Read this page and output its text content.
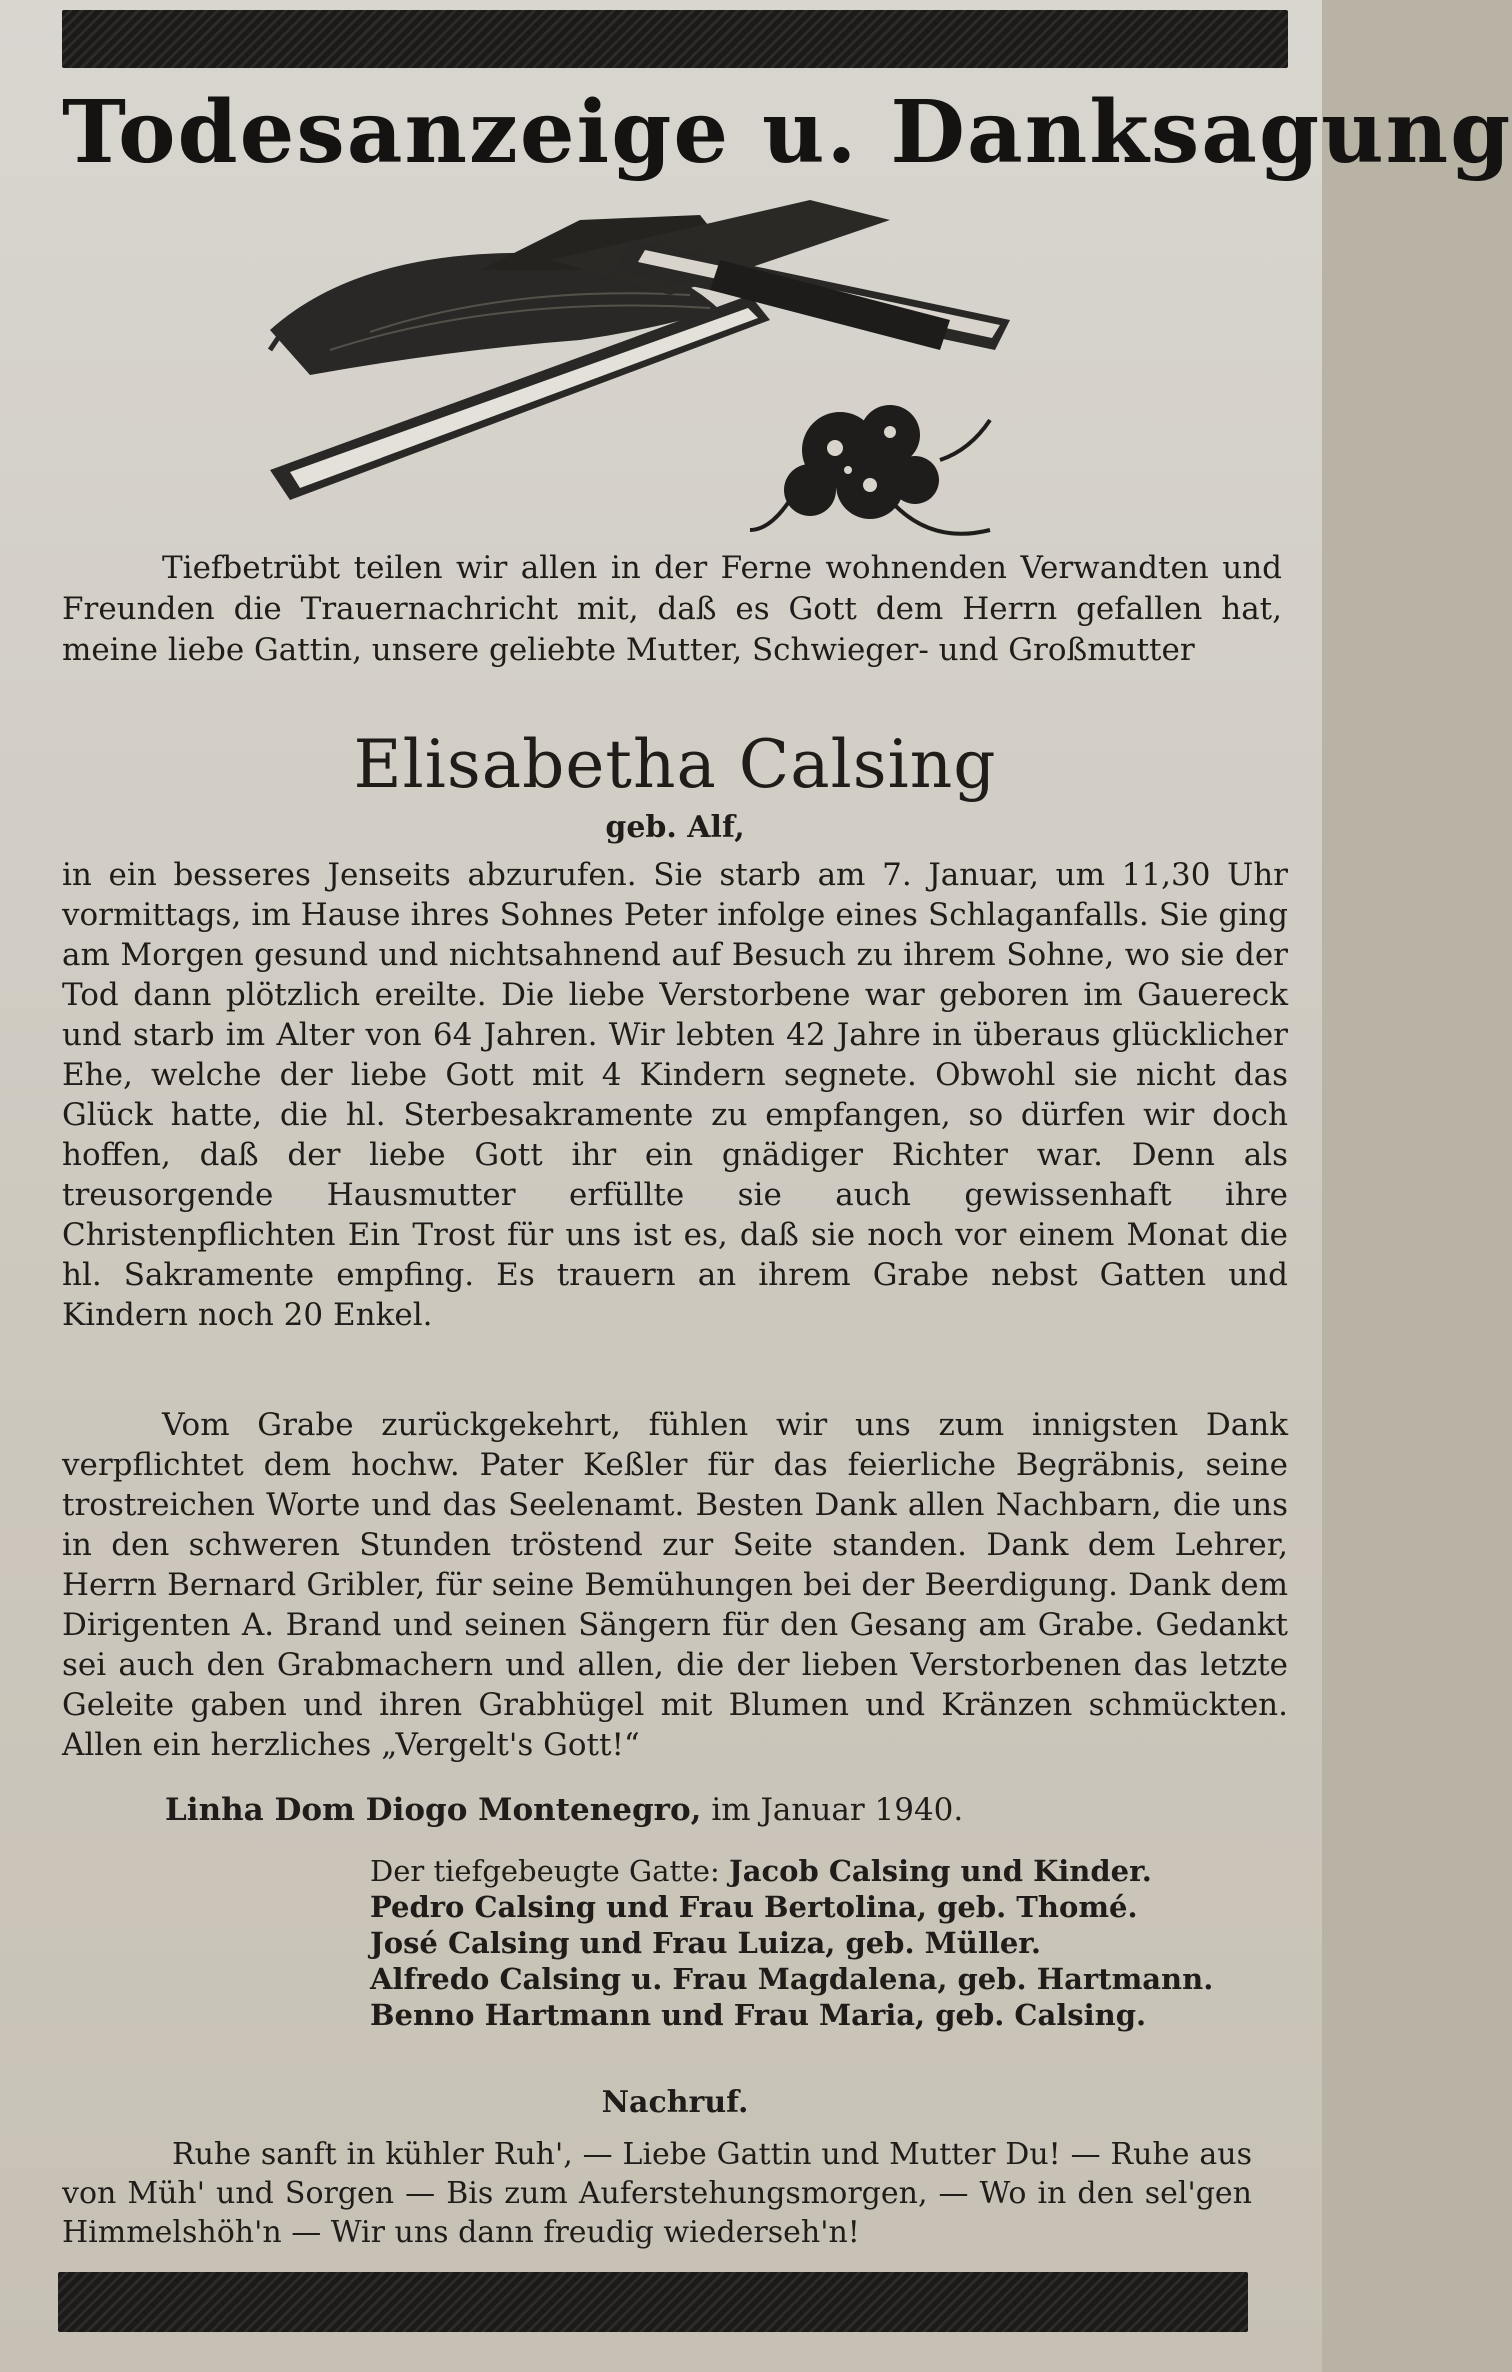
Todesanzeige u. Danksagung
Tiefbetrübt teilen wir allen in der Ferne wohnenden Verwandten und Freunden die Trauernachricht mit, daß es Gott dem Herrn gefallen hat, meine liebe Gattin, unsere geliebte Mutter, Schwieger- und Großmutter
Elisabetha Calsing
geb. Alf,
in ein besseres Jenseits abzurufen. Sie starb am 7. Januar, um 11,30 Uhr vormittags, im Hause ihres Sohnes Peter infolge eines Schlaganfalls. Sie ging am Morgen gesund und nichtsahnend auf Besuch zu ihrem Sohne, wo sie der Tod dann plötzlich ereilte. Die liebe Verstorbene war geboren im Gauereck und starb im Alter von 64 Jahren. Wir lebten 42 Jahre in überaus glücklicher Ehe, welche der liebe Gott mit 4 Kindern segnete. Obwohl sie nicht das Glück hatte, die hl. Sterbesakramente zu empfangen, so dürfen wir doch hoffen, daß der liebe Gott ihr ein gnädiger Richter war. Denn als treusorgende Hausmutter erfüllte sie auch gewissenhaft ihre Christenpflichten Ein Trost für uns ist es, daß sie noch vor einem Monat die hl. Sakramente empfing. Es trauern an ihrem Grabe nebst Gatten und Kindern noch 20 Enkel.
Vom Grabe zurückgekehrt, fühlen wir uns zum innigsten Dank verpflichtet dem hochw. Pater Keßler für das feierliche Begräbnis, seine trostreichen Worte und das Seelenamt. Besten Dank allen Nachbarn, die uns in den schweren Stunden tröstend zur Seite standen. Dank dem Lehrer, Herrn Bernard Gribler, für seine Bemühungen bei der Beerdigung. Dank dem Dirigenten A. Brand und seinen Sängern für den Gesang am Grabe. Gedankt sei auch den Grabmachern und allen, die der lieben Verstorbenen das letzte Geleite gaben und ihren Grabhügel mit Blumen und Kränzen schmückten. Allen ein herzliches „Vergelt's Gott!“
Linha Dom Diogo Montenegro, im Januar 1940.
Der tiefgebeugte Gatte: Jacob Calsing und Kinder.
Pedro Calsing und Frau Bertolina, geb. Thomé.
José Calsing und Frau Luiza, geb. Müller.
Alfredo Calsing u. Frau Magdalena, geb. Hartmann.
Benno Hartmann und Frau Maria, geb. Calsing.
Nachruf.
Ruhe sanft in kühler Ruh', — Liebe Gattin und Mutter Du! — Ruhe aus von Müh' und Sorgen — Bis zum Auferstehungsmorgen, — Wo in den sel'gen Himmelshöh'n — Wir uns dann freudig wiederseh'n!
